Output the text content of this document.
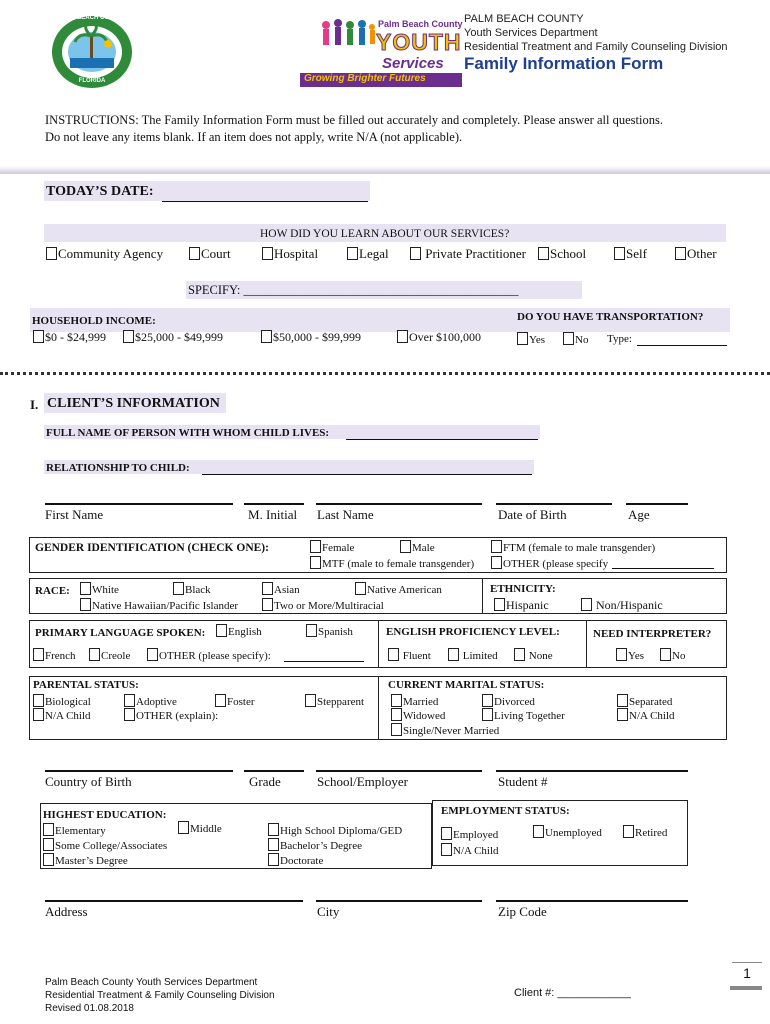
PALM BEACH COUNTY
FLORIDA
Palm Beach County
YOUTH
Services
Growing Brighter Futures
PALM BEACH COUNTY
Youth Services Department
Residential Treatment and Family Counseling Division
Family Information Form
INSTRUCTIONS: The Family Information Form must be filled out accurately and completely. Please answer all questions.
Do not leave any items blank. If an item does not apply, write N/A (not applicable).
TODAY’S DATE:
HOW DID YOU LEARN ABOUT OUR SERVICES?
Community Agency	Court	Hospital	Legal	Private Practitioner	School	Self	Other
SPECIFY: ____________________________________________
HOUSEHOLD INCOME:
$0 - $24,999	$25,000 - $49,999	$50,000 - $99,999	Over $100,000
DO YOU HAVE TRANSPORTATION?
Yes	No Type:
I. CLIENT’S INFORMATION
FULL NAME OF PERSON WITH WHOM CHILD LIVES:
RELATIONSHIP TO CHILD:
First Name	M. Initial Last Name	Date of Birth	Age
GENDER IDENTIFICATION (CHECK ONE):	Female	Male	FTM (female to male transgender)
MTF (male to female transgender)	OTHER (please specify
RACE:	White	Black	Asian	Native American
Native Hawaiian/Pacific Islander	Two or More/Multiracial
ETHNICITY:
Hispanic	Non/Hispanic
PRIMARY LANGUAGE SPOKEN:	English	Spanish
French	Creole	OTHER (please specify):
ENGLISH PROFICIENCY LEVEL:
Fluent	Limited	None
NEED INTERPRETER?
Yes	No
PARENTAL STATUS:
Biological	Adoptive	Foster	Stepparent
N/A Child	OTHER (explain):
CURRENT MARITAL STATUS:
Married	Divorced	Separated
Widowed	Living Together	N/A Child
Single/Never Married
Country of Birth	Grade	School/Employer	Student #
HIGHEST EDUCATION:
Elementary	Middle	High School Diploma/GED
Some College/Associates	Bachelor’s Degree
Master’s Degree	Doctorate
EMPLOYMENT STATUS:
Employed	Unemployed	Retired
N/A Child
Address	City	Zip Code
Palm Beach County Youth Services Department
Residential Treatment & Family Counseling Division
Revised 01.08.2018
Client #: ____________
1
